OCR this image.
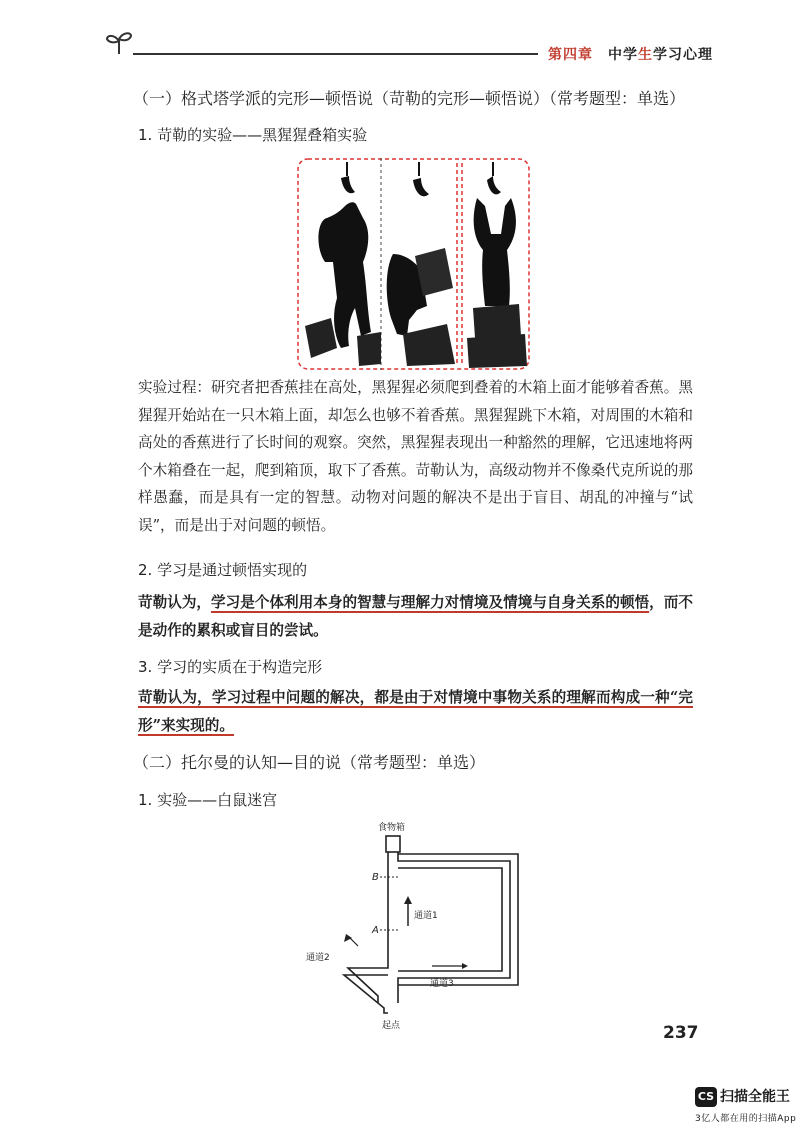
第四章 中学生学习心理
（一）格式塔学派的完形—顿悟说（苛勒的完形—顿悟说）（常考题型：单选）
1. 苛勒的实验——黑猩猩叠箱实验
实验过程：研究者把香蕉挂在高处，黑猩猩必须爬到叠着的木箱上面才能够着香蕉。黑猩猩开始站在一只木箱上面，却怎么也够不着香蕉。黑猩猩跳下木箱，对周围的木箱和高处的香蕉进行了长时间的观察。突然，黑猩猩表现出一种豁然的理解，它迅速地将两个木箱叠在一起，爬到箱顶，取下了香蕉。苛勒认为，高级动物并不像桑代克所说的那样愚蠢，而是具有一定的智慧。动物对问题的解决不是出于盲目、胡乱的冲撞与“试误”，而是出于对问题的顿悟。
2. 学习是通过顿悟实现的
苛勒认为，学习是个体利用本身的智慧与理解力对情境及情境与自身关系的顿悟，而不是动作的累积或盲目的尝试。
3. 学习的实质在于构造完形
苛勒认为，学习过程中问题的解决，都是由于对情境中事物关系的理解而构成一种“完形”来实现的。
（二）托尔曼的认知—目的说（常考题型：单选）
1. 实验——白鼠迷宫
食物箱
B
A
通道1
通道2
通道3
起点	237
CS 扫描全能王
3亿人都在用的扫描App
